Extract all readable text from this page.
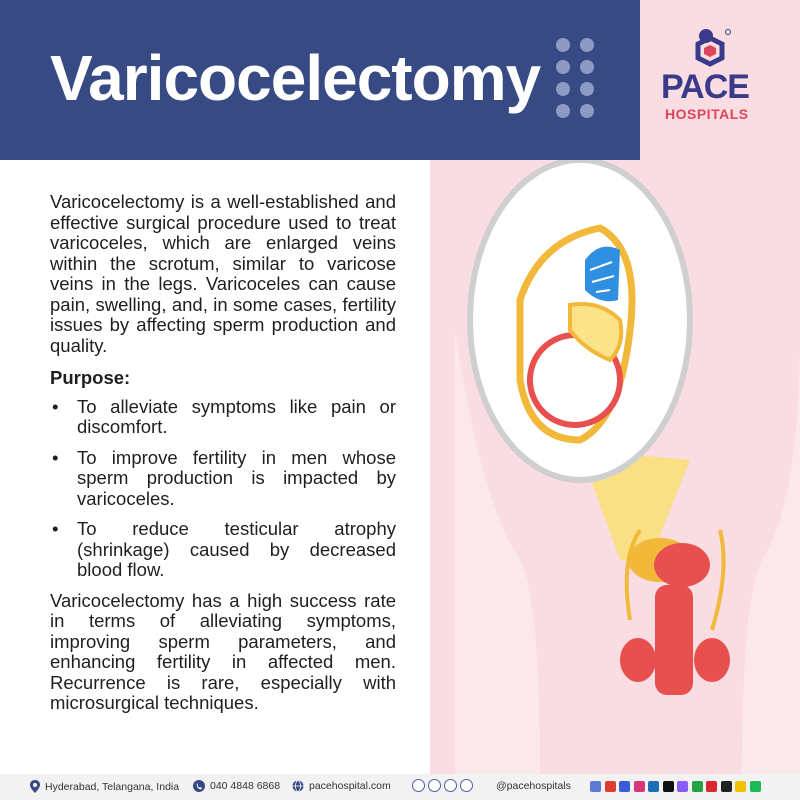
Varicocelectomy	PACE
HOSPITALS

Varicocelectomy is a well-established and effective surgical procedure used to treat varicoceles, which are enlarged veins within the scrotum, similar to varicose veins in the legs. Varicoceles can cause pain, swelling, and, in some cases, fertility issues by affecting sperm production and quality.

Purpose:
• To alleviate symptoms like pain or discomfort.
• To improve fertility in men whose sperm production is impacted by varicoceles.
• To reduce testicular atrophy (shrinkage) caused by decreased blood flow.

Varicocelectomy has a high success rate in terms of alleviating symptoms, improving sperm parameters, and enhancing fertility in affected men. Recurrence is rare, especially with microsurgical techniques.

Hyderabad, Telangana, India	040 4848 6868	pacehospital.com	@pacehospitals
